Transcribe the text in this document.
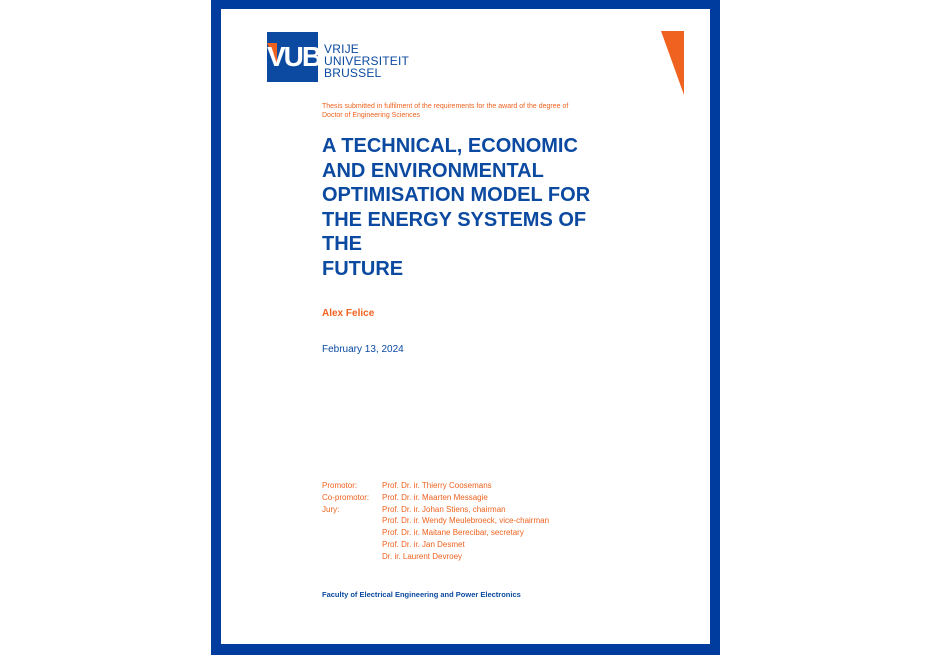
VUB VRIJE
UNIVERSITEIT
BRUSSEL
Thesis submitted in fulfilment of the requirements for the award of the degree of
Doctor of Engineering Sciences
A TECHNICAL, ECONOMIC
AND ENVIRONMENTAL
OPTIMISATION MODEL FOR
THE ENERGY SYSTEMS OF THE
FUTURE
Alex Felice
February 13, 2024
Promotor:	Prof. Dr. ir. Thierry Coosemans
Co-promotor:	Prof. Dr. ir. Maarten Messagie
Jury:	Prof. Dr. ir. Johan Stiens, chairman
Prof. Dr. ir. Wendy Meulebroeck, vice-chairman
Prof. Dr. ir. Maitane Berecibar, secretary
Prof. Dr. ir. Jan Desmet
Dr. ir. Laurent Devroey
Faculty of Electrical Engineering and Power Electronics
